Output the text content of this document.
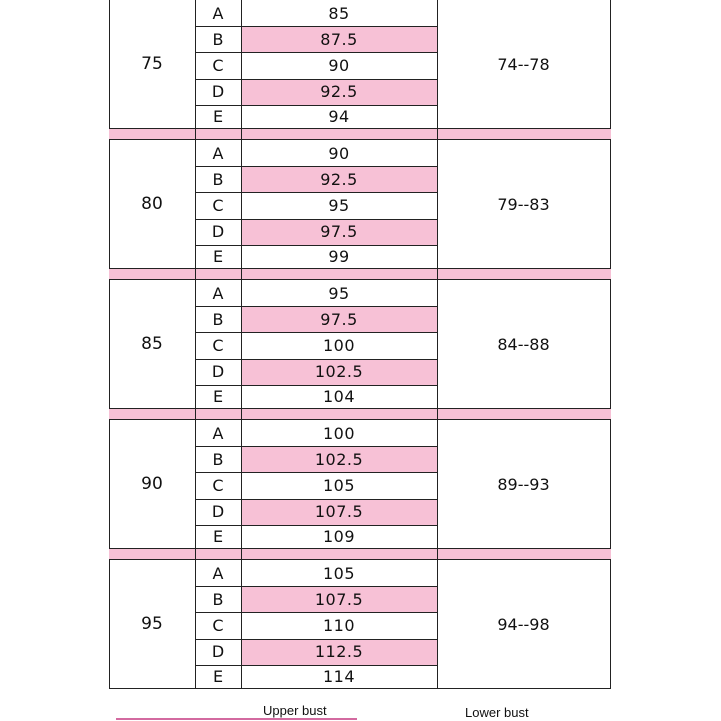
A	85
B	87.5
C	90
D	92.5
E	94
75	74--78
A	90
B	92.5
C	95
D	97.5
E	99
80	79--83
A	95
B	97.5
C	100
D	102.5
E	104
85	84--88
A	100
B	102.5
C	105
D	107.5
E	109
90	89--93
A	105
B	107.5
C	110
D	112.5
E	114
95	94--98
Upper bust	Lower bust
